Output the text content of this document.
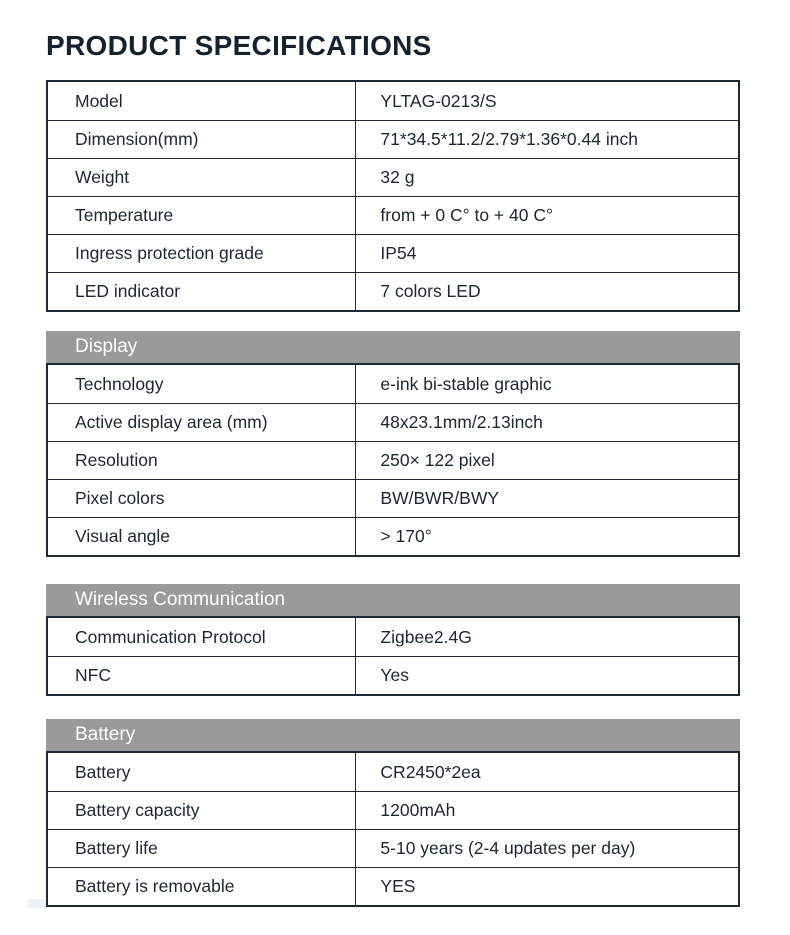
PRODUCT SPECIFICATIONS
Model	YLTAG-0213/S
Dimension(mm)	71*34.5*11.2/2.79*1.36*0.44 inch
Weight	32 g
Temperature	from + 0 C° to + 40 C°
Ingress protection grade	IP54
LED indicator	7 colors LED
Display
Technology	e-ink bi-stable graphic
Active display area (mm)	48x23.1mm/2.13inch
Resolution	250× 122 pixel
Pixel colors	BW/BWR/BWY
Visual angle	> 170°
Wireless Communication
Communication Protocol	Zigbee2.4G
NFC	Yes
Battery
Battery	CR2450*2ea
Battery capacity	1200mAh
Battery life	5-10 years (2-4 updates per day)
Battery is removable	YES
